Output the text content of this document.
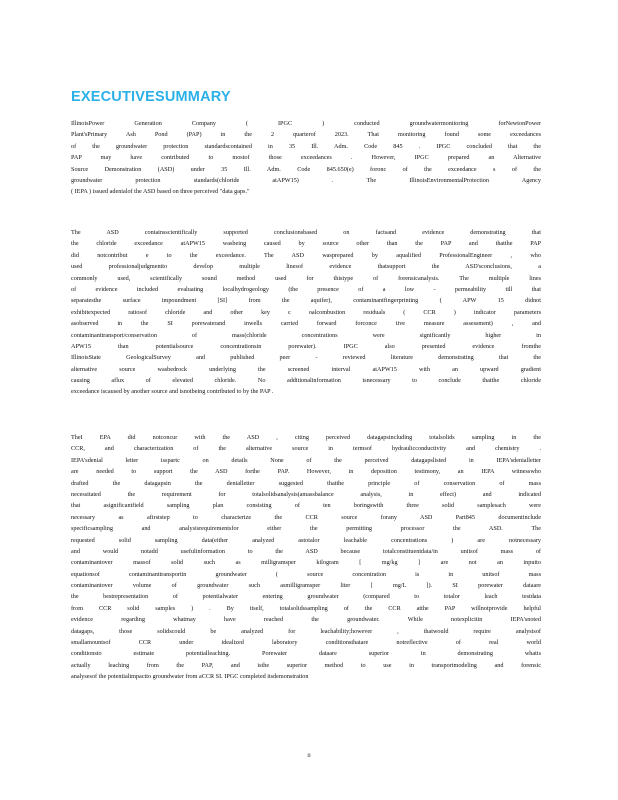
EXECUTIVESUMMARY
IllinoisPower Generation Company ( IPGC ) conducted groundwatermonitoring forNewtonPower
Plant'sPrimary Ash Pond (PAP) in the 2 quarterof 2023. That monitoring found some exceedances
of the groundwater protection standardscontained in 35 Ill. Adm. Code 845 . IPGC concluded that the
PAP may have contributed to mostof those exceedances . However, IPGC prepared an Alternative
Source Demonstration (ASD) under 35 Ill. Adm. Code 845.650(e) foronc of the exceedance s of the
groundwater protection standards(chloride atAPW15) . The IllinoisEnvironmentalProtection Agency
( IEPA ) issued adenialof the ASD based on three perceived "data gaps."
The ASD containsscientifically supported conclusionsbased on factsand evidence demonstrating that
the chloride exceedance atAPW15 wasbeing caused by source other than the PAP and thatthe PAP
did notcontribut e to the exceedance. The ASD wasprepared by aqualified ProfessionalEngineer , who
used professionaljudgmentto develop multiple linesof evidence thatsupport the ASD'sconclusions, a
commonly used, scientifically sound method used for thistype of forensicanalysis. The multiple lines
of evidence included evaluating localhydrogeology (the presence of a low - permeability till that
separatesthe surface impoundment [SI] from the aquifer), contaminantfingerprinting ( APW 15 didnot
exhibitexpected ratiosof chloride and other key c oalcombustion residuals ( CCR ) indicator parameters
asobserved in the SI porewaterand inwells carried forward forconce tive measure assessment) , and
contaminanttransport/conservation of mass(chloride concentrations were significantly higher in
APW15 than potentialsource concentrationsin porewater). IPGC also presented evidence fromthe
IllinoisState GeologicalSurvey and published peer - reviewed literature demonstrating that the
alternative source wasbedrock underlying the screened interval atAPW15 with an upward gradient
causing aflux of elevated chloride. No additionalinformation isnecessary to conclude thatthe chloride
exceedance iscaused by another source and isnotbeing contributed to by the PAP .
TheI EPA did notconcur with the ASD , citing perceived datagapsincluding totalsolids sampling in the
CCR, and characterization of the alternative source in termsof hydraulicconductivity and chemistry .
IEPA'sdenial letter isspartc on details None of the perceived datagapslisted in IEPA'sdenialletter
are needed to support the ASD forthe PAP. However, in deposition testimony, an IEPA witnesswho
drafted the datagapsin the denialletter suggested thatthe principle of conservation of mass
necessitated the requirement for totalsolidsanalysis(amassbalance analysis, in effect) and indicated
that asignificantfield sampling plan consisting of ten boringswith three solid samplesach were
necessary as afirststep to characterize the CCR source forany ASD Part845 documentinclude
specificsampling and analysisrequirementsfor either the permitting processor the ASD. The
requested solid sampling data(either analyzed astotalor leachable concentrations ) are notnecessary
and would notadd usefulinformation to the ASD because totalconstituentdata/in unitsof mass of
contaminantover massof solid such as milligramsper kilogram [ mg/kg ] are not an inputto
equationsof contaminanttransportin groundwater ( source concentration is in unitsof mass
contaminantover volume of groundwater such asmilligramsper liter [ mg/L ]). SI porewater dataare
the bestrepresentation of potentialwater entering groundwater (compared to totalor leach testdata
from CCR solid samples ) . By itself, totalsolidssampling of the CCR atthe PAP willnotprovide helpful
evidence regarding whatmay have reached the groundwater. While notexplicitin IEPA'snoted
datagaps, those solidscould be analyzed for leachability;however , thatwould require analysisof
smallamountsof CCR under idealized laboratory conditionsthatare notreflective of real world
conditionsto estimate potentialleaching. Porewater dataare superior in demonstrating whatis
actually leaching from the PAP, and isthe superior method to use in transportmodeling and forensic
analysesof the potentialimpactto groundwater from aCCR SI. IPGC completed itsdemonstration
ii
